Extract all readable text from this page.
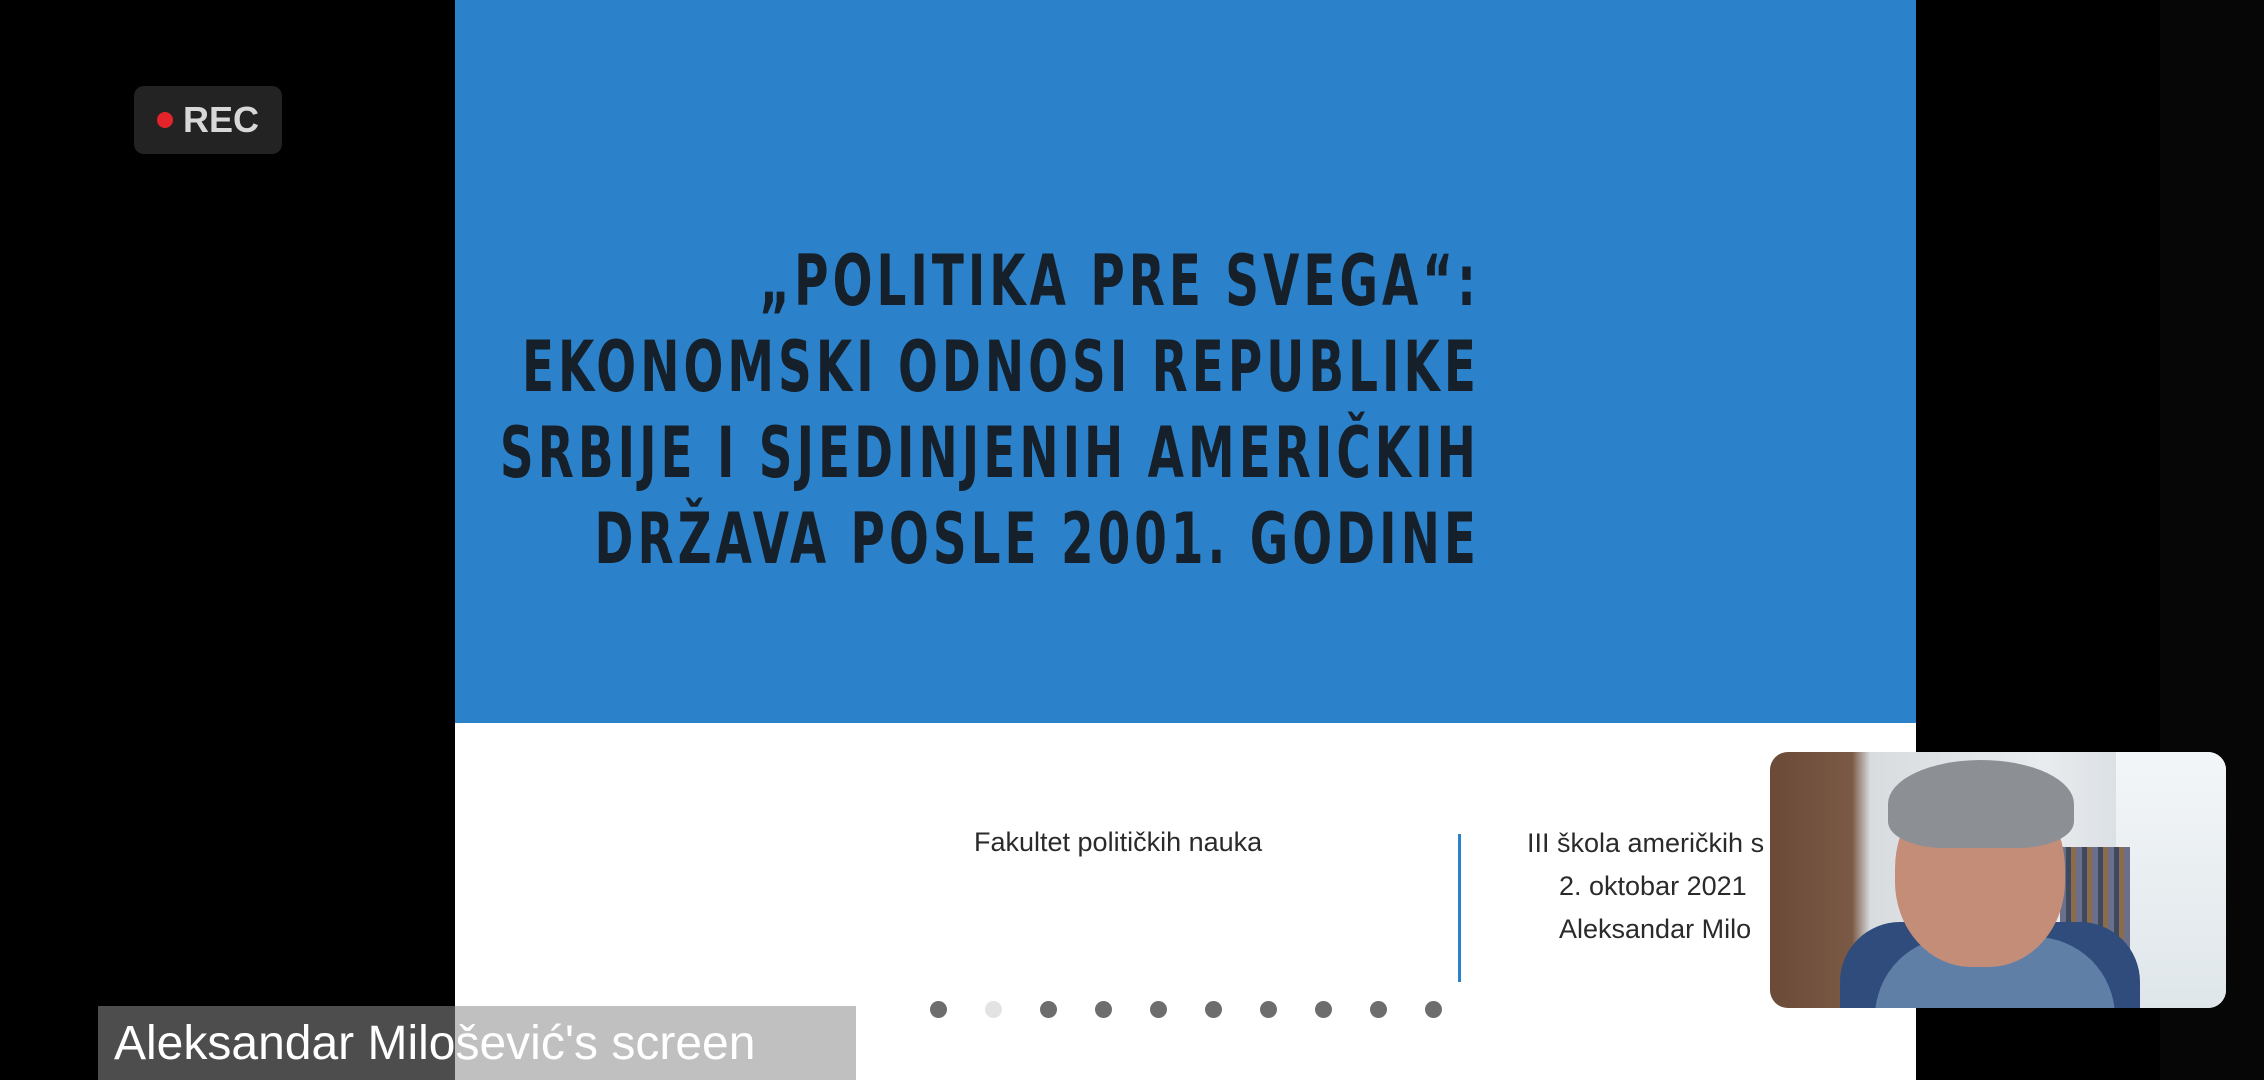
REC
„POLITIKA PRE SVEGA“:
EKONOMSKI ODNOSI REPUBLIKE
SRBIJE I SJEDINJENIH AMERIČKIH
DRŽAVA POSLE 2001. GODINE
Fakultet političkih nauka	III škola američkih s
2. oktobar 2021
Aleksandar Milo
Aleksandar Milošević's screen
